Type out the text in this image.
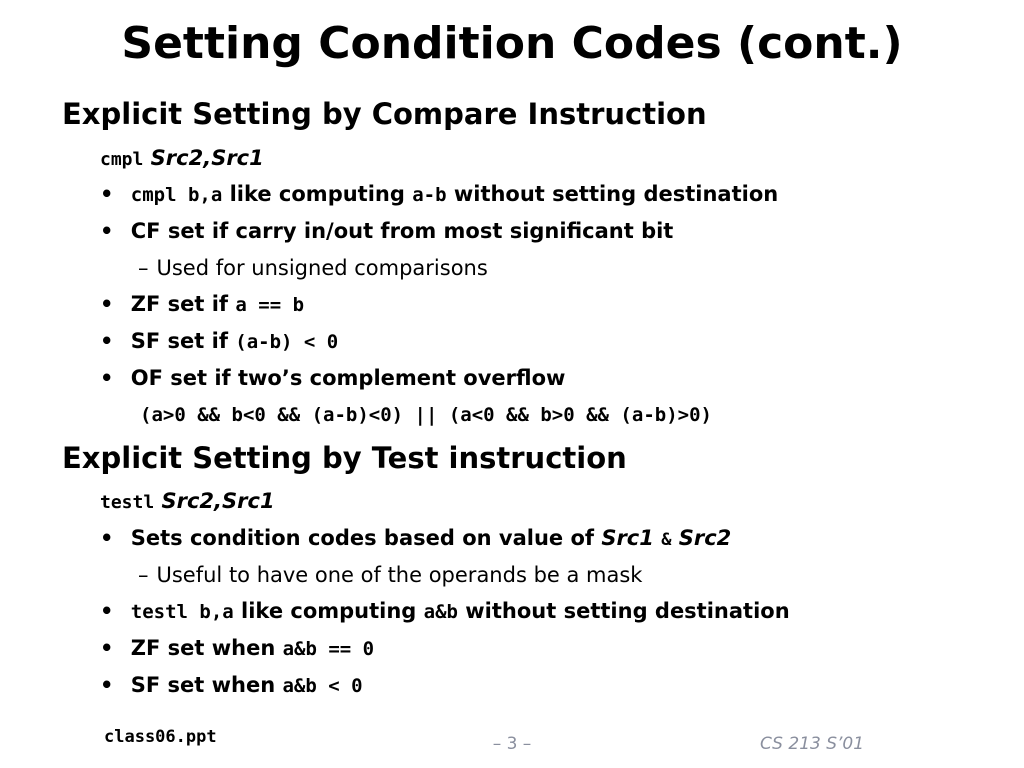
Setting Condition Codes (cont.)
Explicit Setting by Compare Instruction
cmpl Src2,Src1
• cmpl b,a like computing a-b without setting destination
• CF set if carry in/out from most significant bit
– Used for unsigned comparisons
• ZF set if a == b
• SF set if (a-b) < 0
• OF set if two’s complement overflow
(a>0 && b<0 && (a-b)<0) || (a<0 && b>0 && (a-b)>0)
Explicit Setting by Test instruction
testl Src2,Src1
• Sets condition codes based on value of Src1 & Src2
– Useful to have one of the operands be a mask
• testl b,a like computing a&b without setting destination
• ZF set when a&b == 0
• SF set when a&b < 0
class06.ppt	– 3 –	CS 213 S’01
